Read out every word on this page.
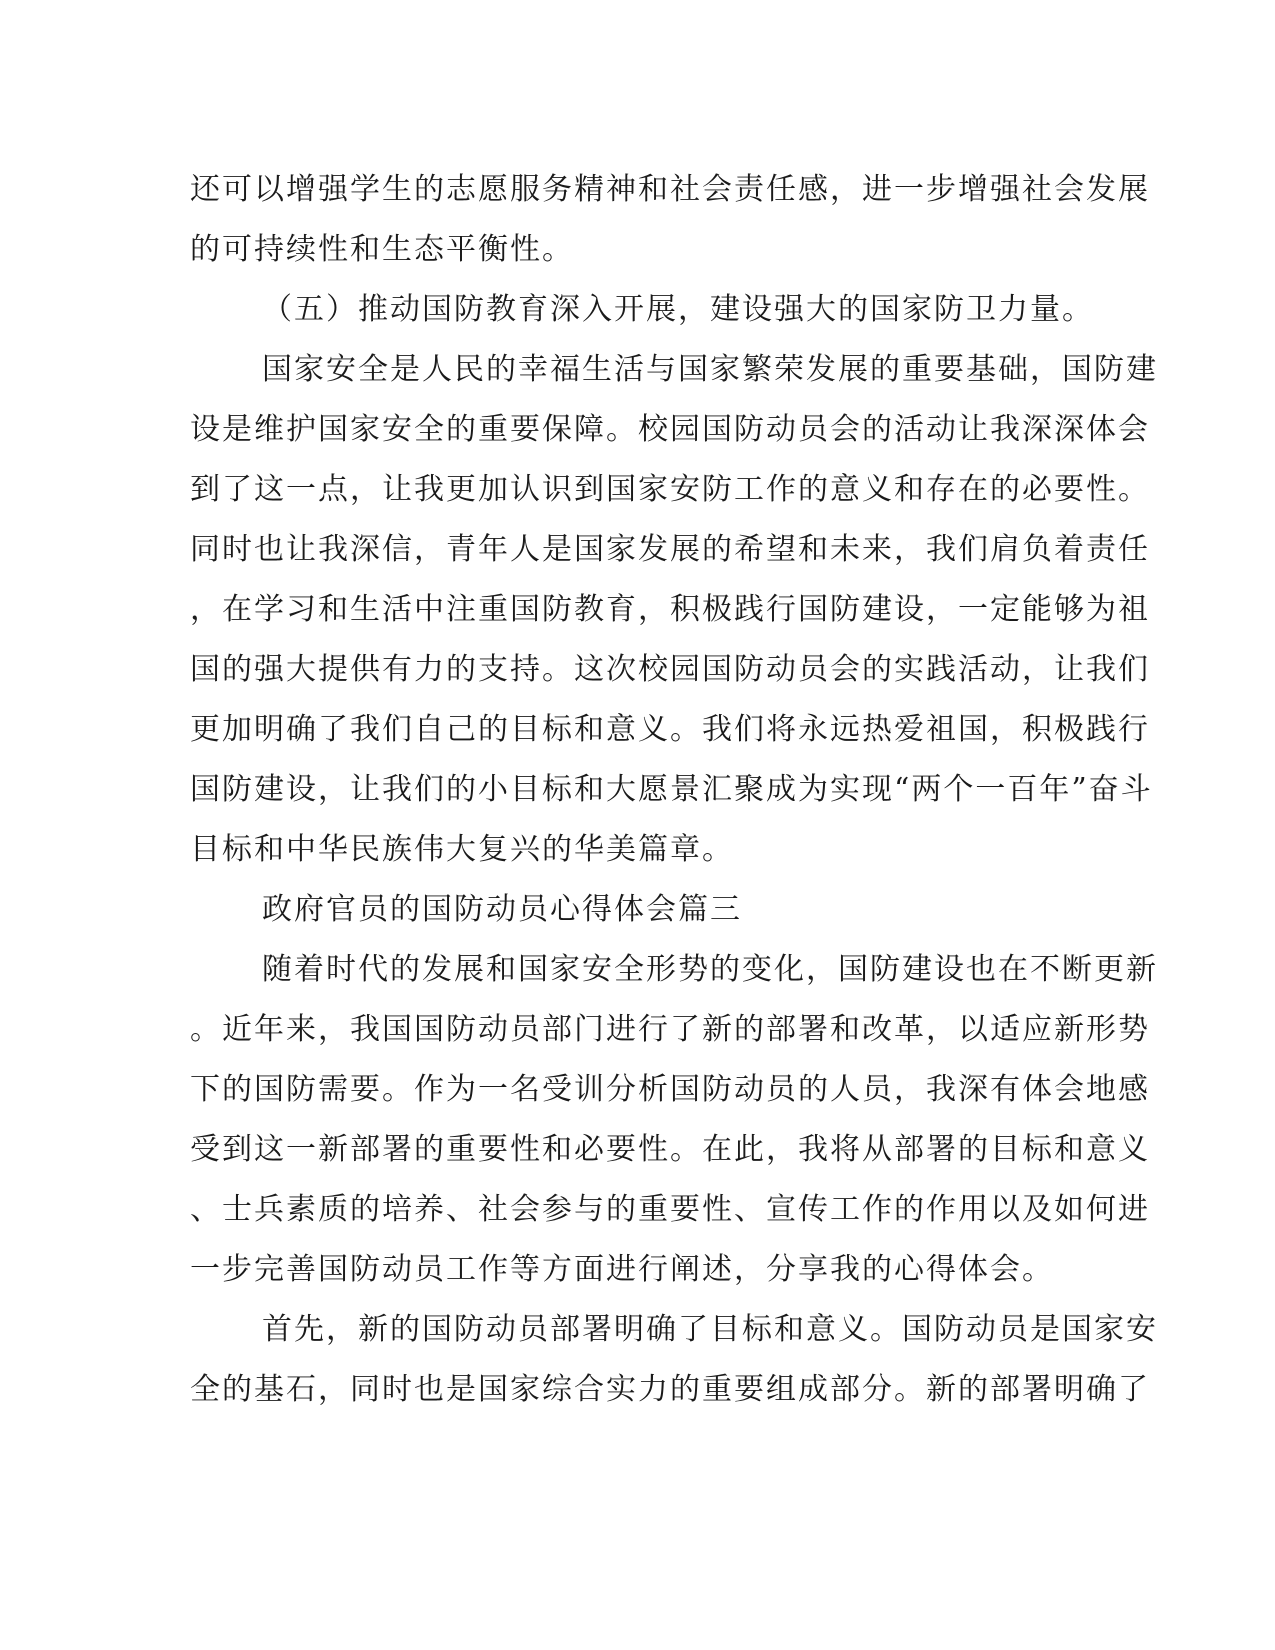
还可以增强学生的志愿服务精神和社会责任感，进一步增强社会发展
的可持续性和生态平衡性。
（五）推动国防教育深入开展，建设强大的国家防卫力量。
国家安全是人民的幸福生活与国家繁荣发展的重要基础，国防建
设是维护国家安全的重要保障。校园国防动员会的活动让我深深体会
到了这一点，让我更加认识到国家安防工作的意义和存在的必要性。
同时也让我深信，青年人是国家发展的希望和未来，我们肩负着责任
，在学习和生活中注重国防教育，积极践行国防建设，一定能够为祖
国的强大提供有力的支持。这次校园国防动员会的实践活动，让我们
更加明确了我们自己的目标和意义。我们将永远热爱祖国，积极践行
国防建设，让我们的小目标和大愿景汇聚成为实现“两个一百年”奋斗
目标和中华民族伟大复兴的华美篇章。
政府官员的国防动员心得体会篇三
随着时代的发展和国家安全形势的变化，国防建设也在不断更新
。近年来，我国国防动员部门进行了新的部署和改革，以适应新形势
下的国防需要。作为一名受训分析国防动员的人员，我深有体会地感
受到这一新部署的重要性和必要性。在此，我将从部署的目标和意义
、士兵素质的培养、社会参与的重要性、宣传工作的作用以及如何进
一步完善国防动员工作等方面进行阐述，分享我的心得体会。
首先，新的国防动员部署明确了目标和意义。国防动员是国家安
全的基石，同时也是国家综合实力的重要组成部分。新的部署明确了
